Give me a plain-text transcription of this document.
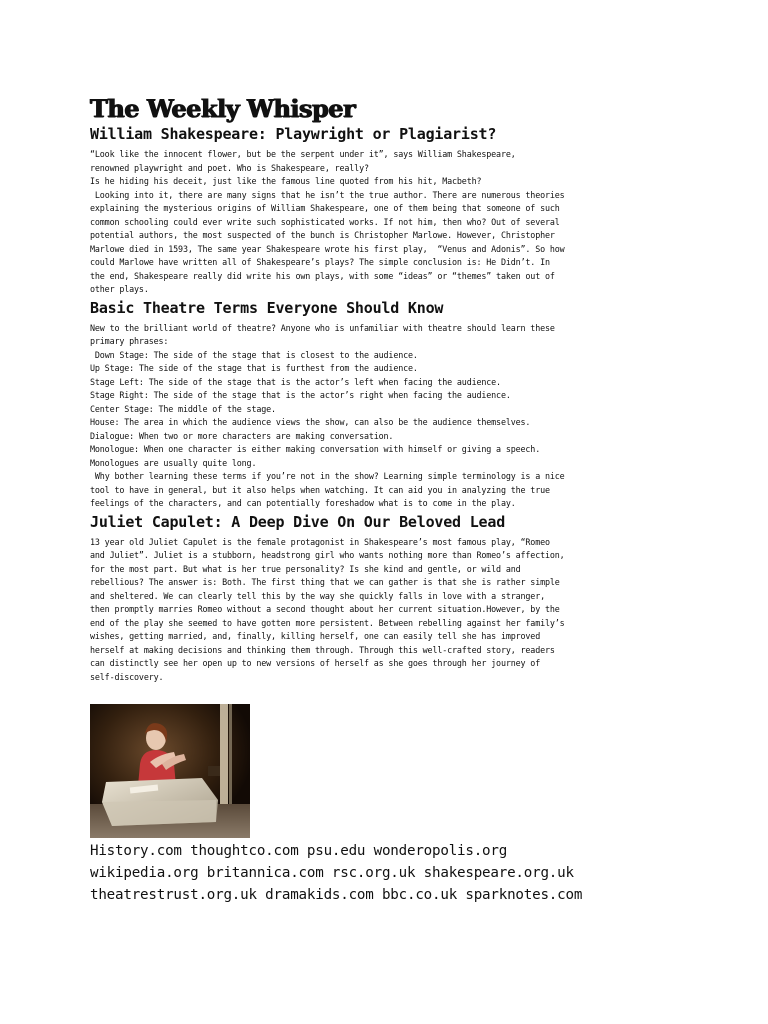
The Weekly Whisper
William Shakespeare: Playwright or Plagiarist?

“Look like the innocent flower, but be the serpent under it”, says William Shakespeare,

renowned playwright and poet. Who is Shakespeare, really?

Is he hiding his deceit, just like the famous line quoted from his hit, Macbeth?

Looking into it, there are many signs that he isn’t the true author. There are numerous theories

explaining the mysterious origins of William Shakespeare, one of them being that someone of such

common schooling could ever write such sophisticated works. If not him, then who? Out of several

potential authors, the most suspected of the bunch is Christopher Marlowe. However, Christopher

Marlowe died in 1593, The same year Shakespeare wrote his first play,  “Venus and Adonis”. So how

could Marlowe have written all of Shakespeare’s plays? The simple conclusion is: He Didn’t. In

the end, Shakespeare really did write his own plays, with some “ideas” or “themes” taken out of

other plays.

Basic Theatre Terms Everyone Should Know

New to the brilliant world of theatre? Anyone who is unfamiliar with theatre should learn these

primary phrases:

Down Stage: The side of the stage that is closest to the audience.

Up Stage: The side of the stage that is furthest from the audience.

Stage Left: The side of the stage that is the actor’s left when facing the audience.

Stage Right: The side of the stage that is the actor’s right when facing the audience.

Center Stage: The middle of the stage.

House: The area in which the audience views the show, can also be the audience themselves.

Dialogue: When two or more characters are making conversation.

Monologue: When one character is either making conversation with himself or giving a speech.

Monologues are usually quite long.

Why bother learning these terms if you’re not in the show? Learning simple terminology is a nice

tool to have in general, but it also helps when watching. It can aid you in analyzing the true

feelings of the characters, and can potentially foreshadow what is to come in the play.

Juliet Capulet: A Deep Dive On Our Beloved Lead

13 year old Juliet Capulet is the female protagonist in Shakespeare’s most famous play, “Romeo

and Juliet”. Juliet is a stubborn, headstrong girl who wants nothing more than Romeo’s affection,

for the most part. But what is her true personality? Is she kind and gentle, or wild and

rebellious? The answer is: Both. The first thing that we can gather is that she is rather simple

and sheltered. We can clearly tell this by the way she quickly falls in love with a stranger,

then promptly marries Romeo without a second thought about her current situation.However, by the

end of the play she seemed to have gotten more persistent. Between rebelling against her family’s

wishes, getting married, and, finally, killing herself, one can easily tell she has improved

herself at making decisions and thinking them through. Through this well-crafted story, readers

can distinctly see her open up to new versions of herself as she goes through her journey of

self-discovery.

History.com thoughtco.com psu.edu wonderopolis.org
wikipedia.org britannica.com rsc.org.uk shakespeare.org.uk
theatrestrust.org.uk dramakids.com bbc.co.uk sparknotes.com
